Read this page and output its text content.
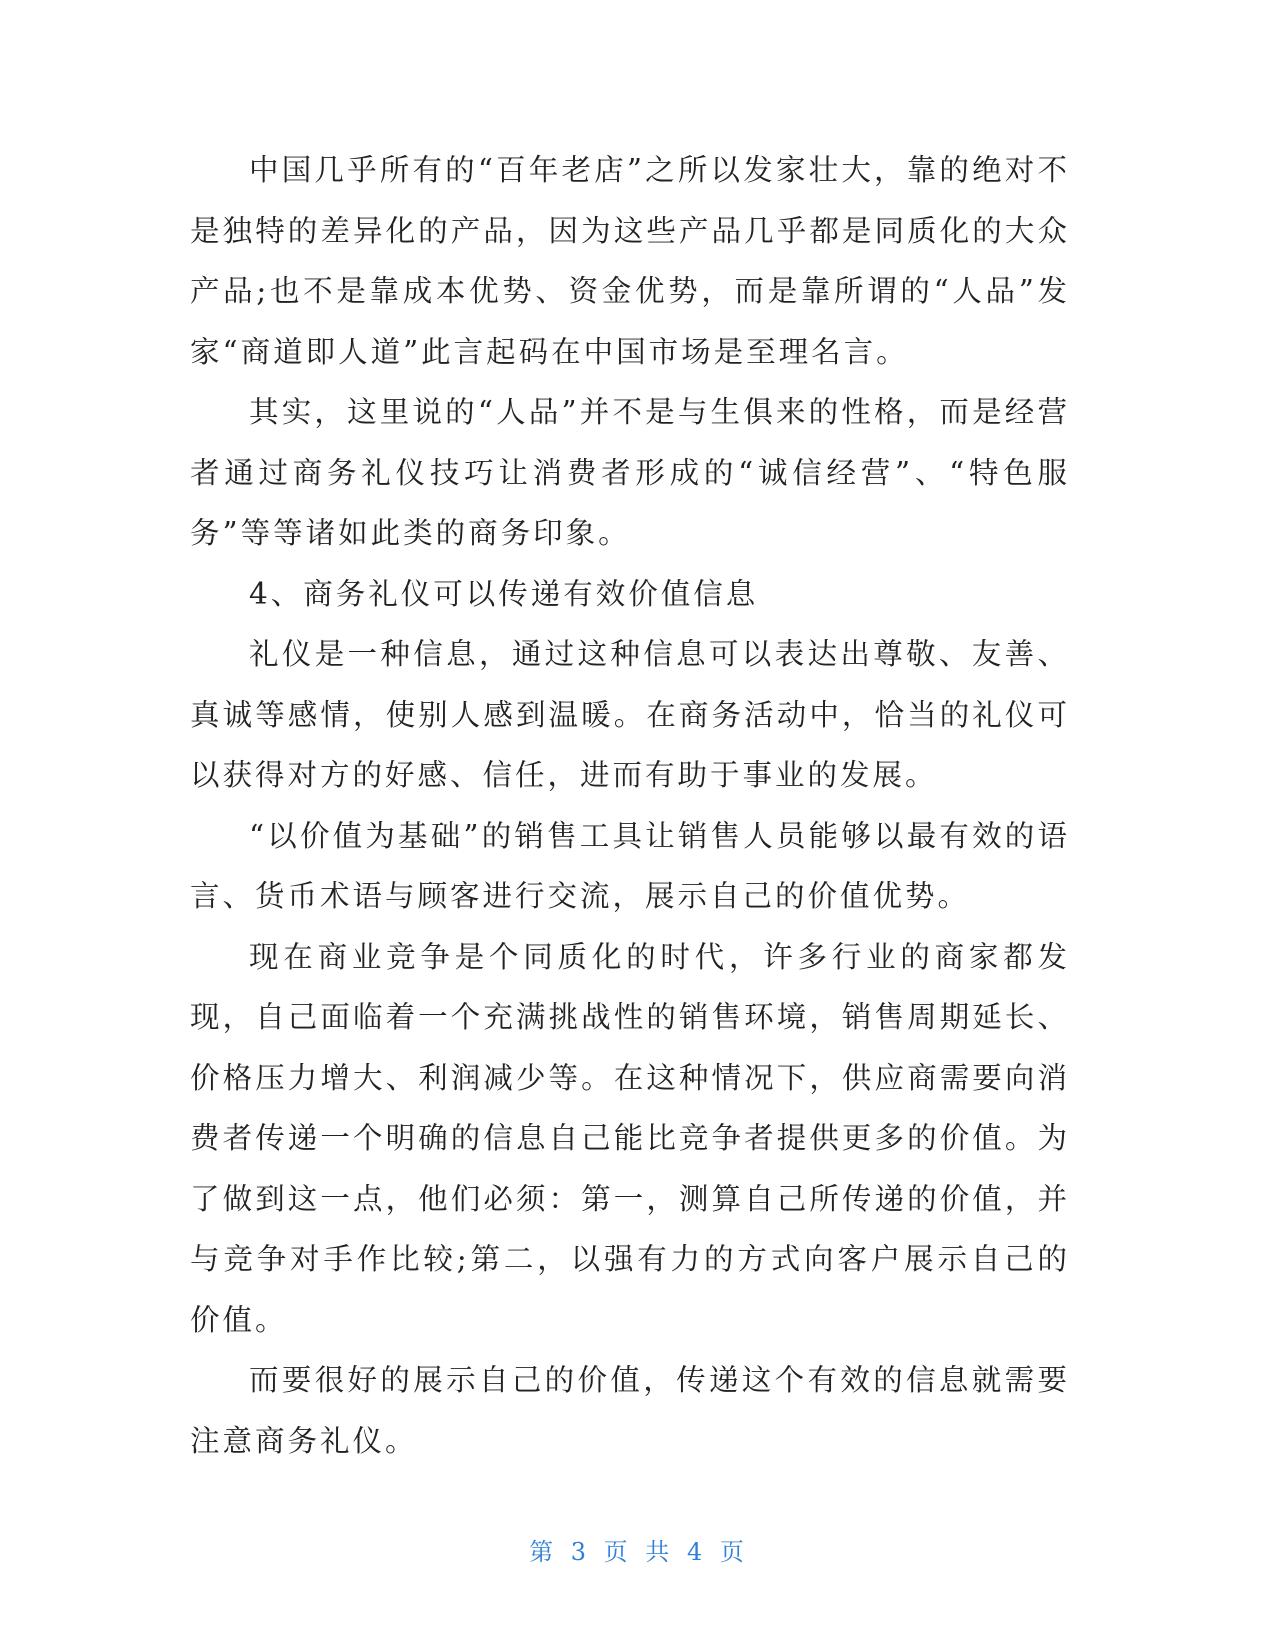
中国几乎所有的“百年老店”之所以发家壮大，靠的绝对不是独特的差异化的产品，因为这些产品几乎都是同质化的大众产品;也不是靠成本优势、资金优势，而是靠所谓的“人品”发家“商道即人道”此言起码在中国市场是至理名言。

其实，这里说的“人品”并不是与生俱来的性格，而是经营者通过商务礼仪技巧让消费者形成的“诚信经营”、“特色服务”等等诸如此类的商务印象。

4、商务礼仪可以传递有效价值信息

礼仪是一种信息，通过这种信息可以表达出尊敬、友善、真诚等感情，使别人感到温暖。在商务活动中，恰当的礼仪可以获得对方的好感、信任，进而有助于事业的发展。

“以价值为基础”的销售工具让销售人员能够以最有效的语言、货币术语与顾客进行交流，展示自己的价值优势。

现在商业竞争是个同质化的时代，许多行业的商家都发现，自己面临着一个充满挑战性的销售环境，销售周期延长、价格压力增大、利润减少等。在这种情况下，供应商需要向消费者传递一个明确的信息自己能比竞争者提供更多的价值。为了做到这一点，他们必须：第一，测算自己所传递的价值，并与竞争对手作比较;第二，以强有力的方式向客户展示自己的价值。

而要很好的展示自己的价值，传递这个有效的信息就需要注意商务礼仪。

第 3 页 共 4 页
